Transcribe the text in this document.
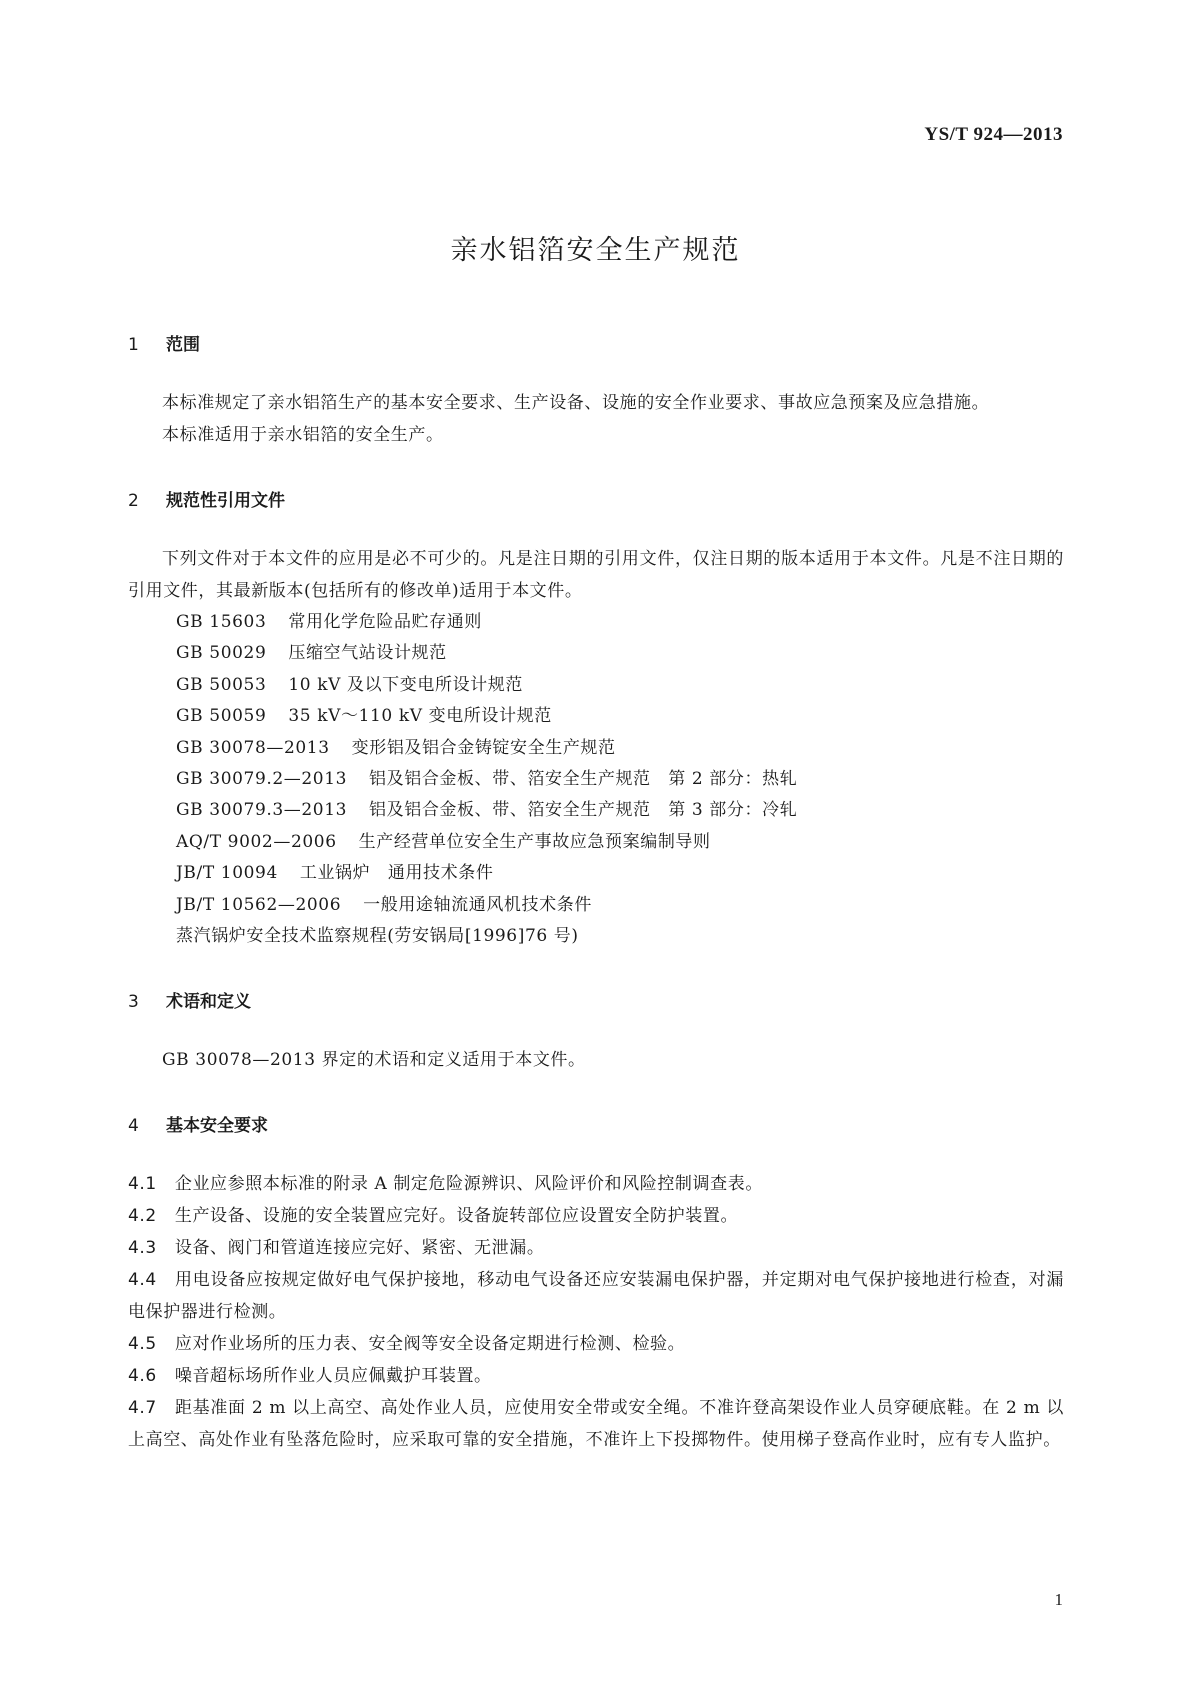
YS/T 924—2013
亲水铝箔安全生产规范
1 范围

本标准规定了亲水铝箔生产的基本安全要求、生产设备、设施的安全作业要求、事故应急预案及应急措施。

本标准适用于亲水铝箔的安全生产。

2 规范性引用文件

下列文件对于本文件的应用是必不可少的。凡是注日期的引用文件，仅注日期的版本适用于本文件。凡是不注日期的引用文件，其最新版本(包括所有的修改单)适用于本文件。

GB 15603 常用化学危险品贮存通则
GB 50029 压缩空气站设计规范
GB 50053 10 kV 及以下变电所设计规范
GB 50059 35 kV～110 kV 变电所设计规范
GB 30078—2013 变形铝及铝合金铸锭安全生产规范
GB 30079.2—2013 铝及铝合金板、带、箔安全生产规范　第 2 部分：热轧
GB 30079.3—2013 铝及铝合金板、带、箔安全生产规范　第 3 部分：冷轧
AQ/T 9002—2006 生产经营单位安全生产事故应急预案编制导则
JB/T 10094 工业锅炉　通用技术条件
JB/T 10562—2006 一般用途轴流通风机技术条件
蒸汽锅炉安全技术监察规程(劳安锅局[1996]76 号)
3 术语和定义

GB 30078—2013 界定的术语和定义适用于本文件。

4 基本安全要求

4.1 企业应参照本标准的附录 A 制定危险源辨识、风险评价和风险控制调查表。

4.2 生产设备、设施的安全装置应完好。设备旋转部位应设置安全防护装置。

4.3 设备、阀门和管道连接应完好、紧密、无泄漏。

4.4 用电设备应按规定做好电气保护接地，移动电气设备还应安装漏电保护器，并定期对电气保护接地进行检查，对漏电保护器进行检测。

4.5 应对作业场所的压力表、安全阀等安全设备定期进行检测、检验。

4.6 噪音超标场所作业人员应佩戴护耳装置。

4.7 距基准面 2 m 以上高空、高处作业人员，应使用安全带或安全绳。不准许登高架设作业人员穿硬底鞋。在 2 m 以上高空、高处作业有坠落危险时，应采取可靠的安全措施，不准许上下投掷物件。使用梯子登高作业时，应有专人监护。

1
